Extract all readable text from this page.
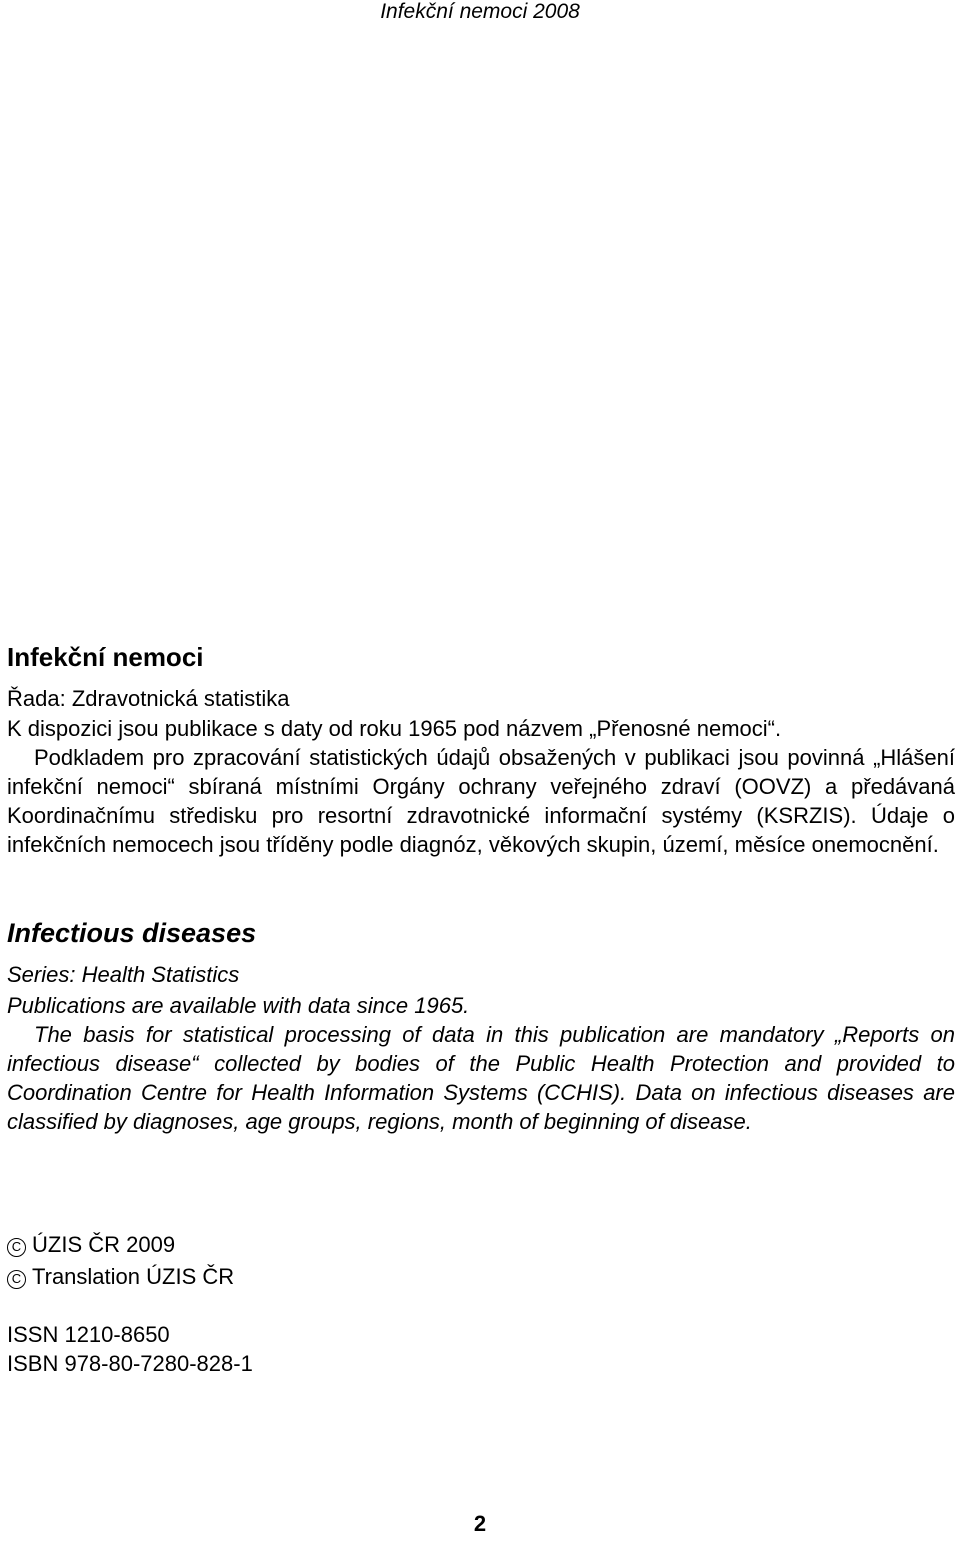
Infekční nemoci 2008
Infekční nemoci

Řada: Zdravotnická statistika

K dispozici jsou publikace s daty od roku 1965 pod názvem „Přenosné nemoci“.

Podkladem pro zpracování statistických údajů obsažených v publikaci jsou povinná „Hlášení infekční nemoci“ sbíraná místními Orgány ochrany veřejného zdraví (OOVZ) a předávaná Koordinačnímu středisku pro resortní zdravotnické informační systémy (KSRZIS). Údaje o infekčních nemocech jsou tříděny podle diagnóz, věkových skupin, území, měsíce onemocnění.

Infectious diseases

Series: Health Statistics

Publications are available with data since 1965.

The basis for statistical processing of data in this publication are mandatory „Reports on infectious disease“ collected by bodies of the Public Health Protection and provided to Coordination Centre for Health Information Systems (CCHIS). Data on infectious diseases are classified by diagnoses, age groups, regions, month of beginning of disease.

C ÚZIS ČR 2009
C Translation ÚZIS ČR
ISSN 1210-8650
ISBN 978-80-7280-828-1
2
